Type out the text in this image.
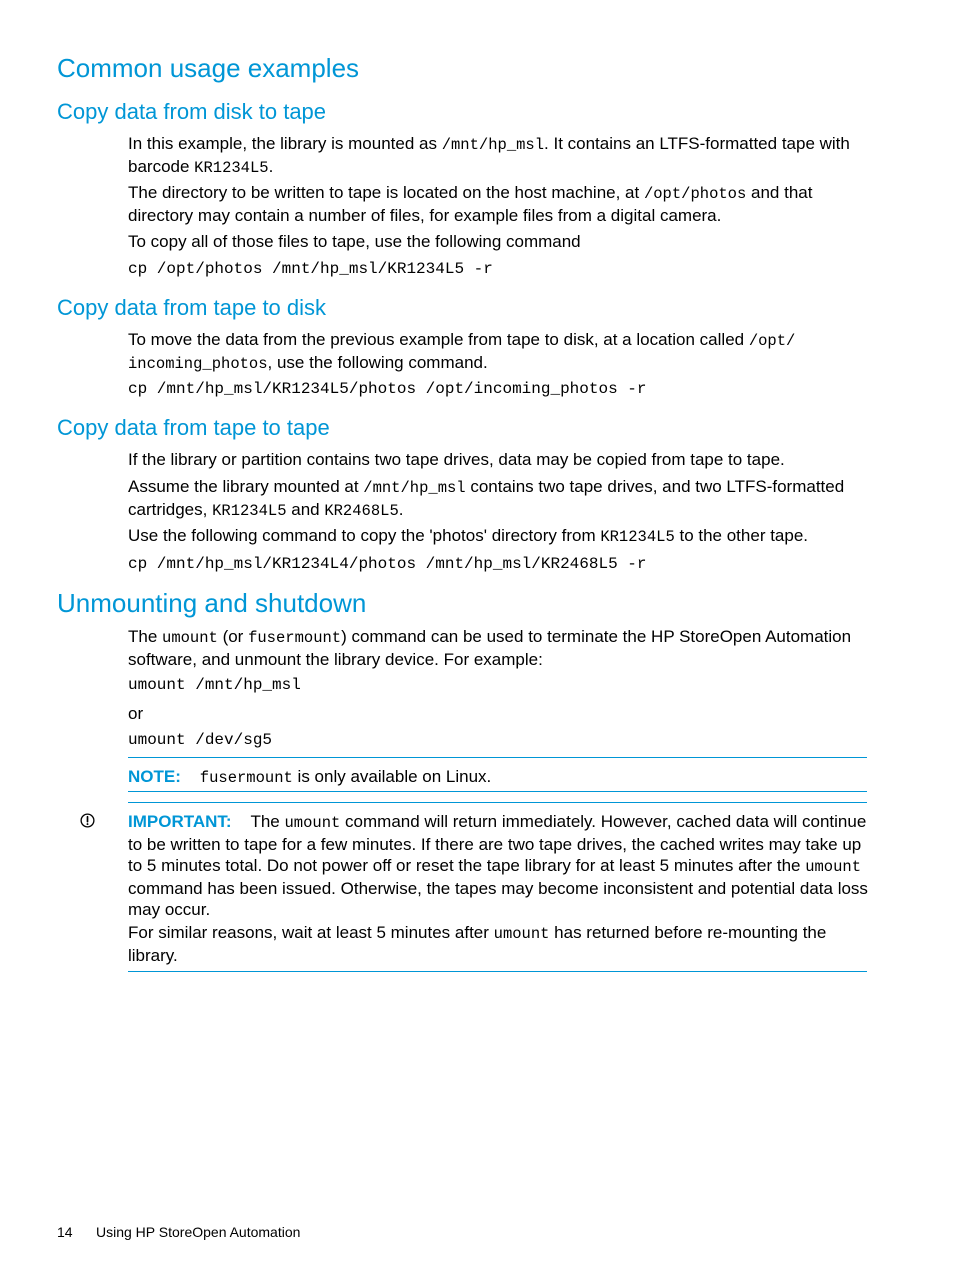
Common usage examples
Copy data from disk to tape

In this example, the library is mounted as /mnt/hp_msl. It contains an LTFS-formatted tape with barcode KR1234L5.

The directory to be written to tape is located on the host machine, at /opt/photos and that directory may contain a number of files, for example files from a digital camera.

To copy all of those files to tape, use the following command

cp /opt/photos /mnt/hp_msl/KR1234L5 -r
Copy data from tape to disk

To move the data from the previous example from tape to disk, at a location called /opt/
incoming_photos, use the following command.

cp /mnt/hp_msl/KR1234L5/photos /opt/incoming_photos -r
Copy data from tape to tape

If the library or partition contains two tape drives, data may be copied from tape to tape.

Assume the library mounted at /mnt/hp_msl contains two tape drives, and two LTFS-formatted cartridges, KR1234L5 and KR2468L5.

Use the following command to copy the 'photos' directory from KR1234L5 to the other tape.

cp /mnt/hp_msl/KR1234L4/photos /mnt/hp_msl/KR2468L5 -r
Unmounting and shutdown

The umount (or fusermount) command can be used to terminate the HP StoreOpen Automation software, and unmount the library device. For example:

umount /mnt/hp_msl

or

umount /dev/sg5

NOTE: fusermount is only available on Linux.

IMPORTANT: The umount command will return immediately. However, cached data will continue to be written to tape for a few minutes. If there are two tape drives, the cached writes may take up to 5 minutes total. Do not power off or reset the tape library for at least 5 minutes after the umount command has been issued. Otherwise, the tapes may become inconsistent and potential data loss may occur.

For similar reasons, wait at least 5 minutes after umount has returned before re-mounting the library.

14 Using HP StoreOpen Automation
